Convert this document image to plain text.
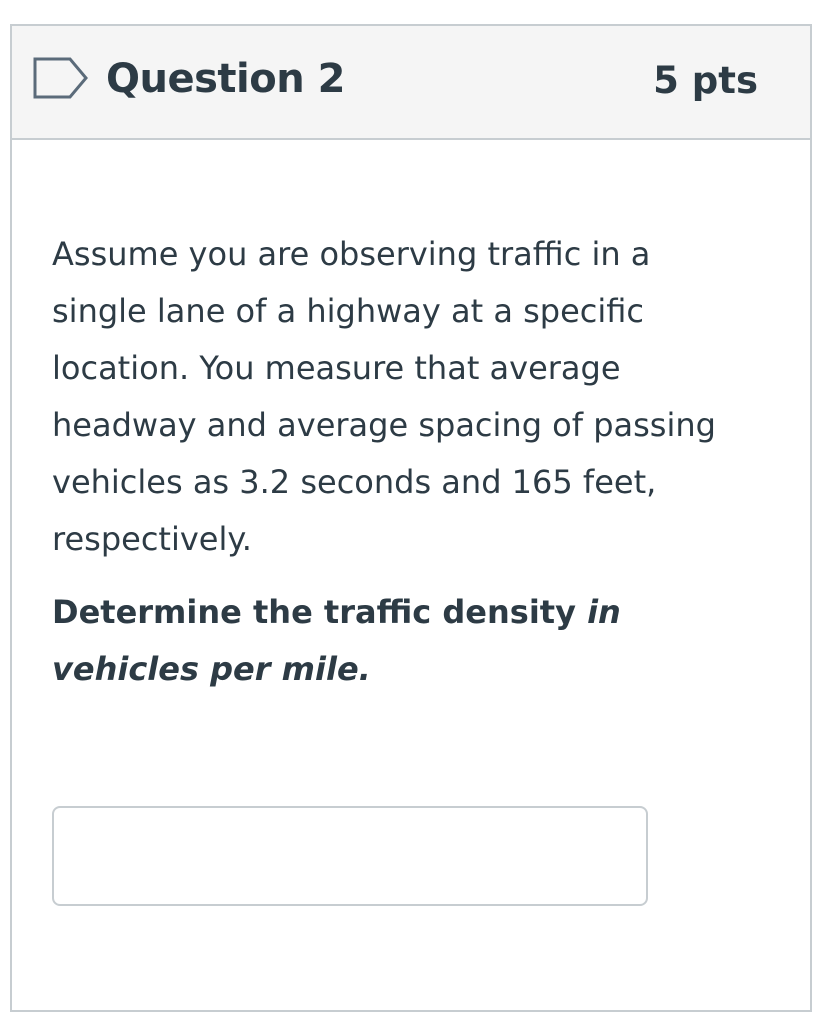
Question 2	5 pts

Assume you are observing traffic in a single lane of a highway at a specific location. You measure that average headway and average spacing of passing vehicles as 3.2 seconds and 165 feet, respectively.

Determine the traffic density in vehicles per mile.
